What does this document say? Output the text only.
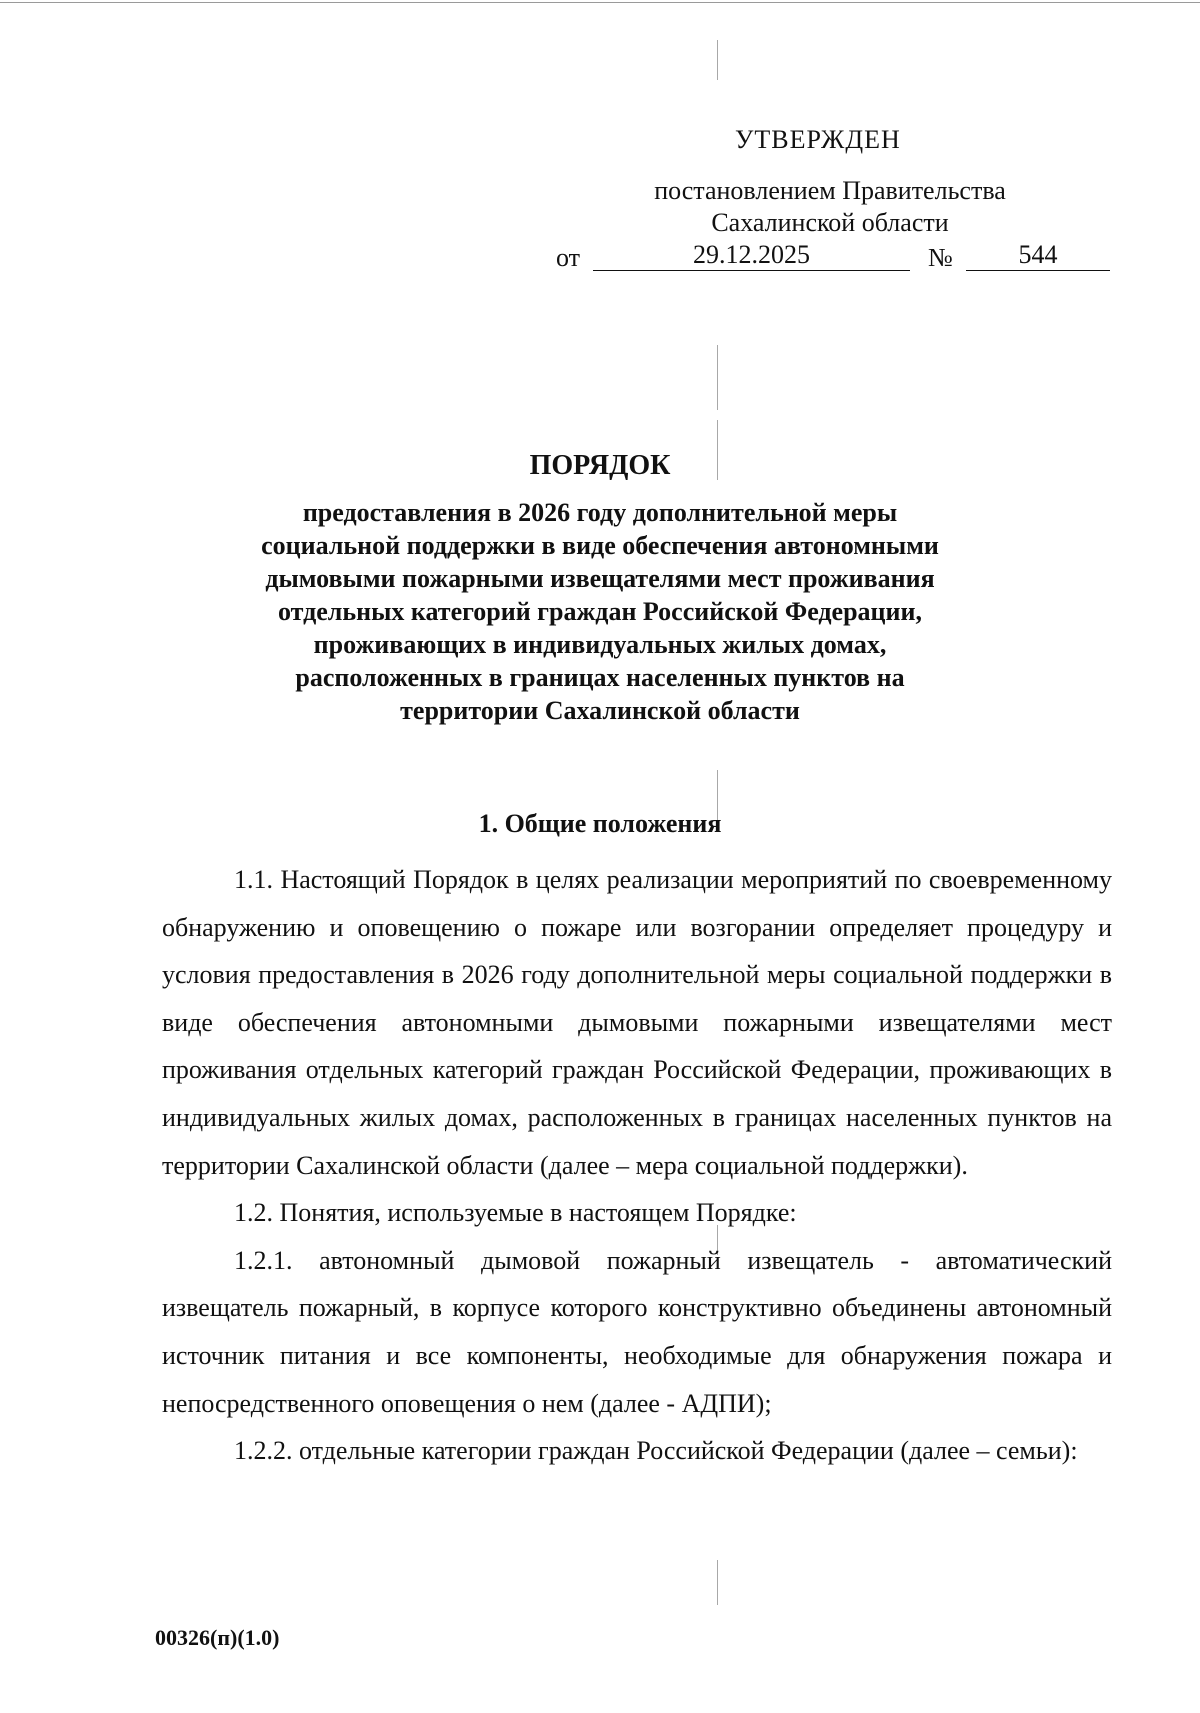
УТВЕРЖДЕН
постановлением Правительства
Сахалинской области
от	29.12.2025	№	544
ПОРЯДОК
предоставления в 2026 году дополнительной меры социальной поддержки в виде обеспечения автономными дымовыми пожарными извещателями мест проживания отдельных категорий граждан Российской Федерации, проживающих в индивидуальных жилых домах, расположенных в границах населенных пунктов на территории Сахалинской области
1. Общие положения

1.1. Настоящий Порядок в целях реализации мероприятий по своевременному обнаружению и оповещению о пожаре или возгорании определяет процедуру и условия предоставления в 2026 году дополнительной меры социальной поддержки в виде обеспечения автономными дымовыми пожарными извещателями мест проживания отдельных категорий граждан Российской Федерации, проживающих в индивидуальных жилых домах, расположенных в границах населенных пунктов на территории Сахалинской области (далее – мера социальной поддержки).

1.2. Понятия, используемые в настоящем Порядке:

1.2.1. автономный дымовой пожарный извещатель - автоматический извещатель пожарный, в корпусе которого конструктивно объединены автономный источник питания и все компоненты, необходимые для обнаружения пожара и непосредственного оповещения о нем (далее - АДПИ);

1.2.2. отдельные категории граждан Российской Федерации (далее – семьи):

00326(п)(1.0)
